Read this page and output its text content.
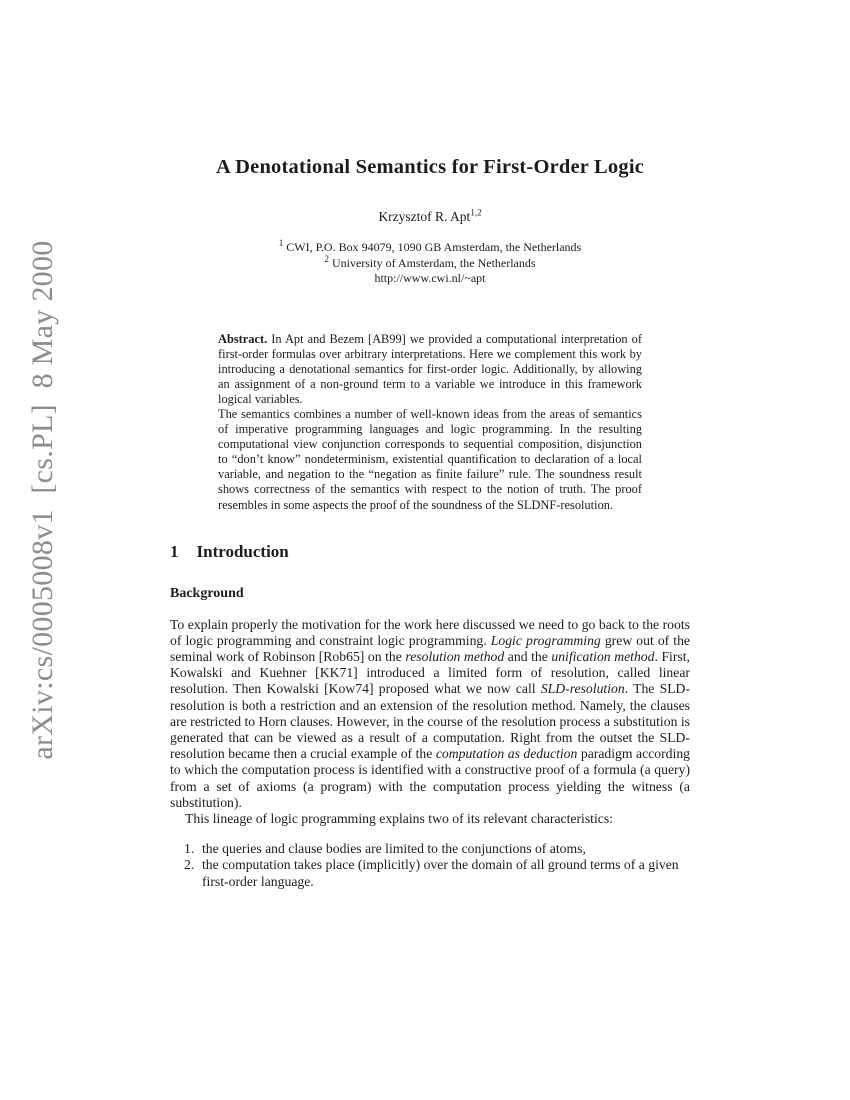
arXiv:cs/0005008v1  [cs.PL]  8 May 2000
A Denotational Semantics for First-Order Logic
Krzysztof R. Apt$^{1,2}$
$^1$ CWI, P.O. Box 94079, 1090 GB Amsterdam, the Netherlands
$^2$ University of Amsterdam, the Netherlands
http://www.cwi.nl/~apt

Abstract. In Apt and Bezem [AB99] we provided a computational interpretation of first-order formulas over arbitrary interpretations. Here we complement this work by introducing a denotational semantics for first-order logic. Additionally, by allowing an assignment of a non-ground term to a variable we introduce in this framework logical variables.

The semantics combines a number of well-known ideas from the areas of semantics of imperative programming languages and logic programming. In the resulting computational view conjunction corresponds to sequential composition, disjunction to “don’t know” nondeterminism, existential quantification to declaration of a local variable, and negation to the “negation as finite failure” rule. The soundness result shows correctness of the semantics with respect to the notion of truth. The proof resembles in some aspects the proof of the soundness of the SLDNF-resolution.

1 Introduction
Background

To explain properly the motivation for the work here discussed we need to go back to the roots of logic programming and constraint logic programming. Logic programming grew out of the seminal work of Robinson [Rob65] on the resolution method and the unification method. First, Kowalski and Kuehner [KK71] introduced a limited form of resolution, called linear resolution. Then Kowalski [Kow74] proposed what we now call SLD-resolution. The SLD-resolution is both a restriction and an extension of the resolution method. Namely, the clauses are restricted to Horn clauses. However, in the course of the resolution process a substitution is generated that can be viewed as a result of a computation. Right from the outset the SLD-resolution became then a crucial example of the computation as deduction paradigm according to which the computation process is identified with a constructive proof of a formula (a query) from a set of axioms (a program) with the computation process yielding the witness (a substitution).

This lineage of logic programming explains two of its relevant characteristics:

1. the queries and clause bodies are limited to the conjunctions of atoms,
2. the computation takes place (implicitly) over the domain of all ground terms of a given first-order language.
